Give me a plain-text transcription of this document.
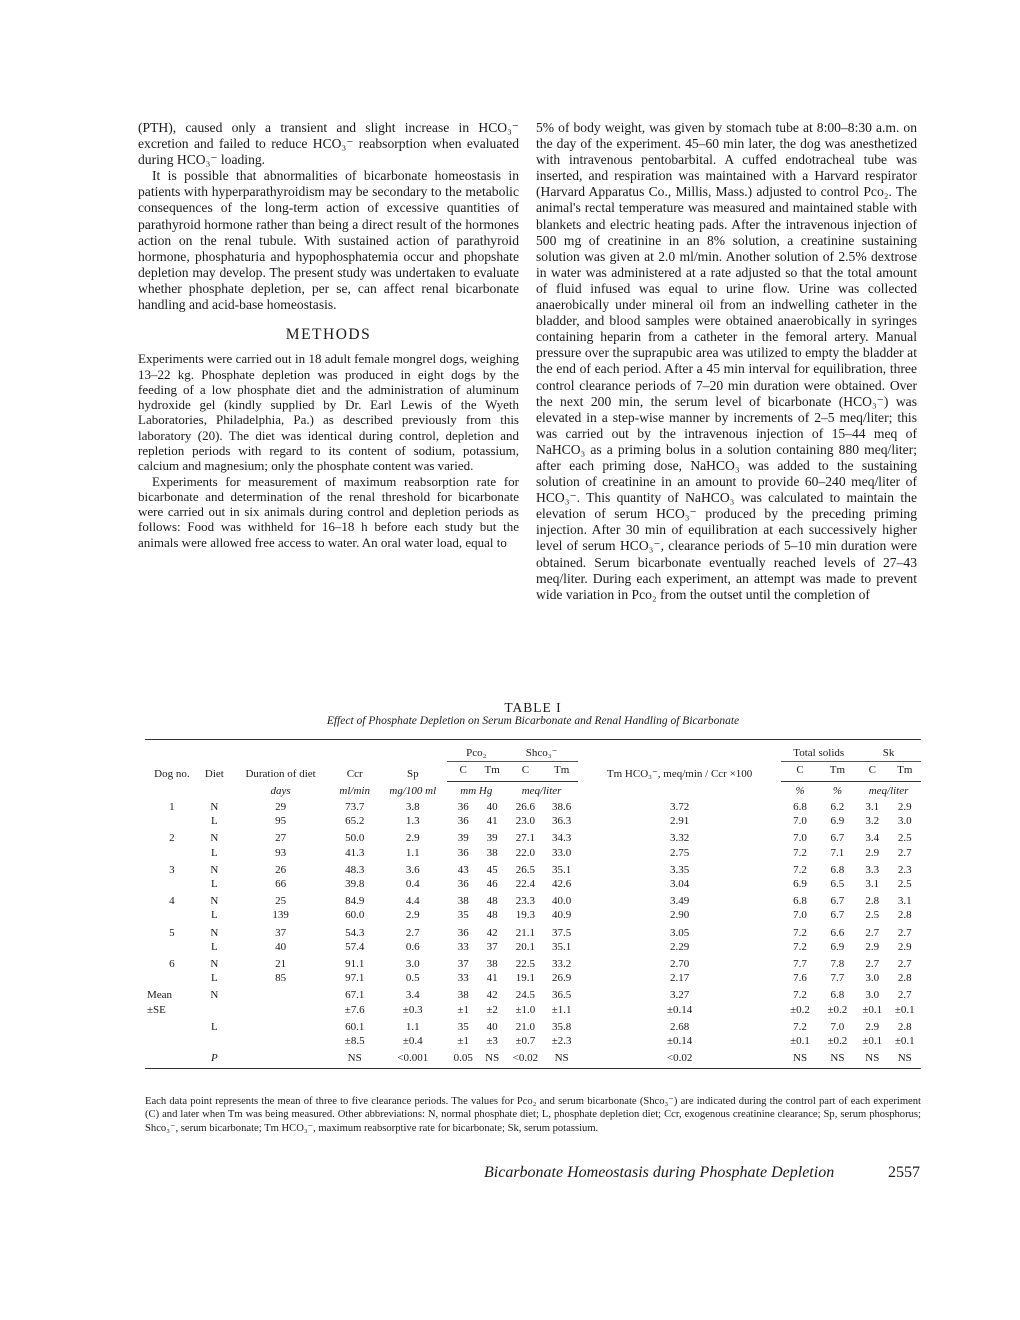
(PTH), caused only a transient and slight increase in HCO₃⁻ excretion and failed to reduce HCO₃⁻ reabsorption when evaluated during HCO₃⁻ loading.

It is possible that abnormalities of bicarbonate homeostasis in patients with hyperparathyroidism may be secondary to the metabolic consequences of the long-term action of excessive quantities of parathyroid hormone rather than being a direct result of the hormones action on the renal tubule. With sustained action of parathyroid hormone, phosphaturia and hypophosphatemia occur and phopshate depletion may develop. The present study was undertaken to evaluate whether phosphate depletion, per se, can affect renal bicarbonate handling and acid-base homeostasis.

METHODS

Experiments were carried out in 18 adult female mongrel dogs, weighing 13–22 kg. Phosphate depletion was produced in eight dogs by the feeding of a low phosphate diet and the administration of aluminum hydroxide gel (kindly supplied by Dr. Earl Lewis of the Wyeth Laboratories, Philadelphia, Pa.) as described previously from this laboratory (20). The diet was identical during control, depletion and repletion periods with regard to its content of sodium, potassium, calcium and magnesium; only the phosphate content was varied.

Experiments for measurement of maximum reabsorption rate for bicarbonate and determination of the renal threshold for bicarbonate were carried out in six animals during control and depletion periods as follows: Food was withheld for 16–18 h before each study but the animals were allowed free access to water. An oral water load, equal to

5% of body weight, was given by stomach tube at 8:00–8:30 a.m. on the day of the experiment. 45–60 min later, the dog was anesthetized with intravenous pentobarbital. A cuffed endotracheal tube was inserted, and respiration was maintained with a Harvard respirator (Harvard Apparatus Co., Millis, Mass.) adjusted to control Pco₂. The animal's rectal temperature was measured and maintained stable with blankets and electric heating pads. After the intravenous injection of 500 mg of creatinine in an 8% solution, a creatinine sustaining solution was given at 2.0 ml/min. Another solution of 2.5% dextrose in water was administered at a rate adjusted so that the total amount of fluid infused was equal to urine flow. Urine was collected anaerobically under mineral oil from an indwelling catheter in the bladder, and blood samples were obtained anaerobically in syringes containing heparin from a catheter in the femoral artery. Manual pressure over the suprapubic area was utilized to empty the bladder at the end of each period. After a 45 min interval for equilibration, three control clearance periods of 7–20 min duration were obtained. Over the next 200 min, the serum level of bicarbonate (HCO₃⁻) was elevated in a step-wise manner by increments of 2–5 meq/liter; this was carried out by the intravenous injection of 15–44 meq of NaHCO₃ as a priming bolus in a solution containing 880 meq/liter; after each priming dose, NaHCO₃ was added to the sustaining solution of creatinine in an amount to provide 60–240 meq/liter of HCO₃⁻. This quantity of NaHCO₃ was calculated to maintain the elevation of serum HCO₃⁻ produced by the preceding priming injection. After 30 min of equilibration at each successively higher level of serum HCO₃⁻, clearance periods of 5–10 min duration were obtained. Serum bicarbonate eventually reached levels of 27–43 meq/liter. During each experiment, an attempt was made to prevent wide variation in Pco₂ from the outset until the completion of

TABLE I
Effect of Phosphate Depletion on Serum Bicarbonate and Renal Handling of Bicarbonate
Dog no.	Diet	Duration of diet	Ccr	Sp	Pco₂		Shco₃⁻		Tm HCO₃⁻, meq/min / Ccr ×100	Total solids		Sk	
					C	Tm	C	Tm		C	Tm	C	Tm
		days	ml/min	mg/100 ml	mm Hg		meq/liter			%	%	meq/liter	
1	N	29	73.7	3.8	36	40	26.6	38.6	3.72	6.8	6.2	3.1	2.9
	L	95	65.2	1.3	36	41	23.0	36.3	2.91	7.0	6.9	3.2	3.0
2	N	27	50.0	2.9	39	39	27.1	34.3	3.32	7.0	6.7	3.4	2.5
	L	93	41.3	1.1	36	38	22.0	33.0	2.75	7.2	7.1	2.9	2.7
3	N	26	48.3	3.6	43	45	26.5	35.1	3.35	7.2	6.8	3.3	2.3
	L	66	39.8	0.4	36	46	22.4	42.6	3.04	6.9	6.5	3.1	2.5
4	N	25	84.9	4.4	38	48	23.3	40.0	3.49	6.8	6.7	2.8	3.1
	L	139	60.0	2.9	35	48	19.3	40.9	2.90	7.0	6.7	2.5	2.8
5	N	37	54.3	2.7	36	42	21.1	37.5	3.05	7.2	6.6	2.7	2.7
	L	40	57.4	0.6	33	37	20.1	35.1	2.29	7.2	6.9	2.9	2.9
6	N	21	91.1	3.0	37	38	22.5	33.2	2.70	7.7	7.8	2.7	2.7
	L	85	97.1	0.5	33	41	19.1	26.9	2.17	7.6	7.7	3.0	2.8
Mean	N		67.1	3.4	38	42	24.5	36.5	3.27	7.2	6.8	3.0	2.7
±SE			±7.6	±0.3	±1	±2	±1.0	±1.1	±0.14	±0.2	±0.2	±0.1	±0.1
	L		60.1	1.1	35	40	21.0	35.8	2.68	7.2	7.0	2.9	2.8
			±8.5	±0.4	±1	±3	±0.7	±2.3	±0.14	±0.1	±0.2	±0.1	±0.1
	P		NS	<0.001	0.05	NS	<0.02	NS	<0.02	NS	NS	NS	NS
Each data point represents the mean of three to five clearance periods. The values for Pco₂ and serum bicarbonate (Shco₃⁻) are indicated during the control part of each experiment (C) and later when Tm was being measured. Other abbreviations: N, normal phosphate diet; L, phosphate depletion diet; Ccr, exogenous creatinine clearance; Sp, serum phosphorus; Shco₃⁻, serum bicarbonate; Tm HCO₃⁻, maximum reabsorptive rate for bicarbonate; Sk, serum potassium.
Bicarbonate Homeostasis during Phosphate Depletion	2557
